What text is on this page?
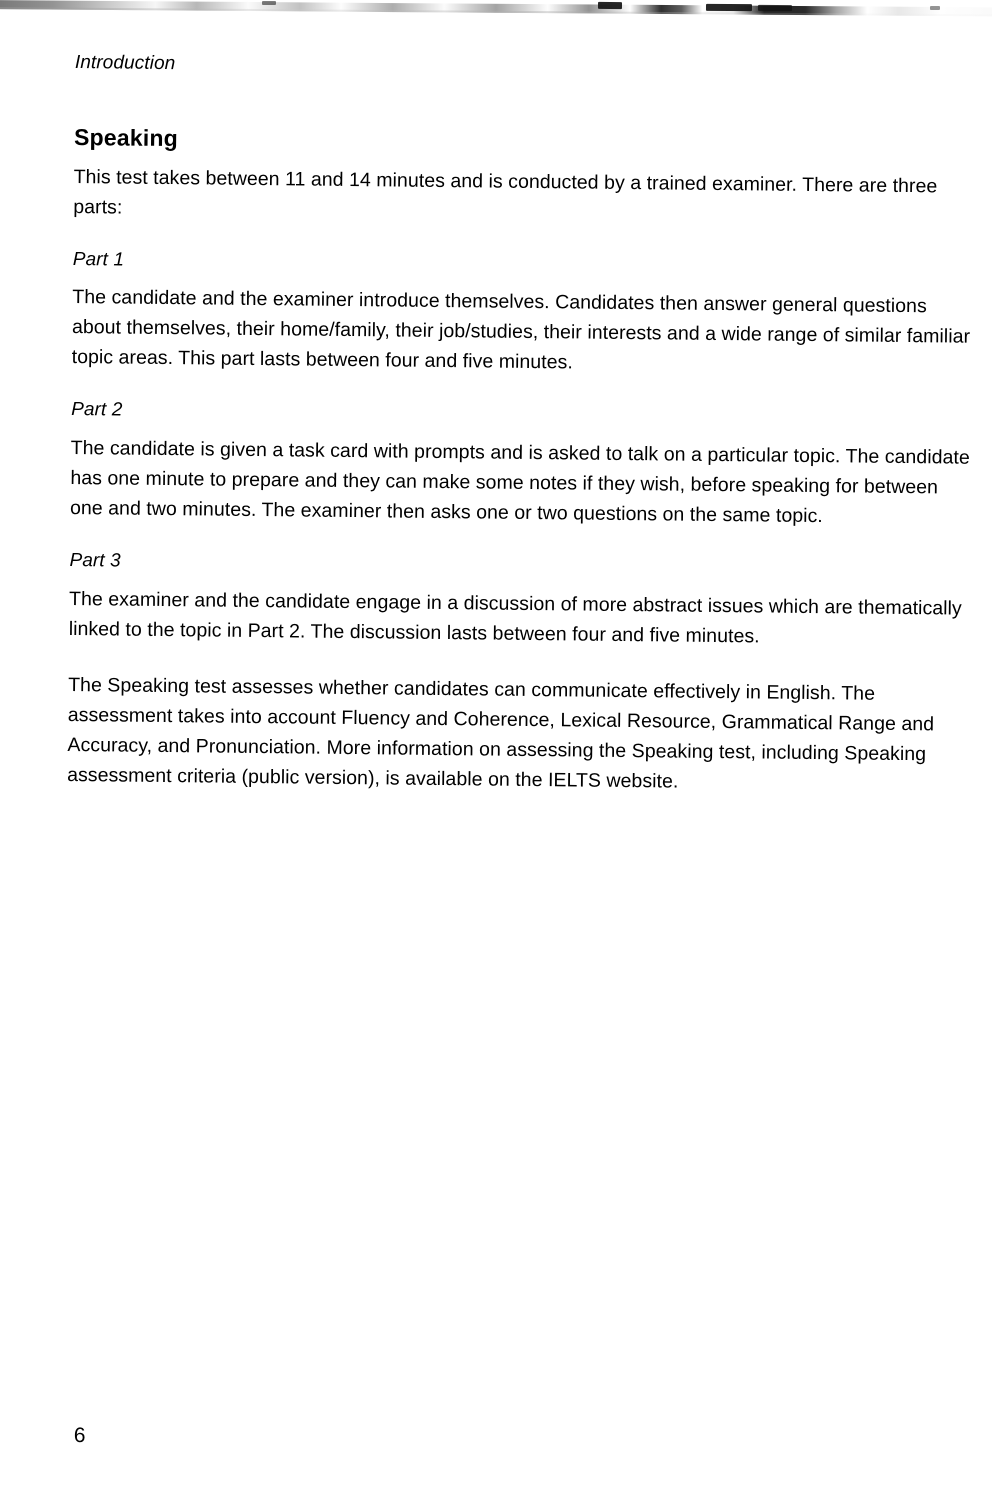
Introduction
Speaking

This test takes between 11 and 14 minutes and is conducted by a trained examiner. There are three parts:

Part 1

The candidate and the examiner introduce themselves. Candidates then answer general questions about themselves, their home/family, their job/studies, their interests and a wide range of similar familiar topic areas. This part lasts between four and five minutes.

Part 2

The candidate is given a task card with prompts and is asked to talk on a particular topic. The candidate has one minute to prepare and they can make some notes if they wish, before speaking for between one and two minutes. The examiner then asks one or two questions on the same topic.

Part 3

The examiner and the candidate engage in a discussion of more abstract issues which are thematically linked to the topic in Part 2. The discussion lasts between four and five minutes.

The Speaking test assesses whether candidates can communicate effectively in English. The assessment takes into account Fluency and Coherence, Lexical Resource, Grammatical Range and Accuracy, and Pronunciation. More information on assessing the Speaking test, including Speaking assessment criteria (public version), is available on the IELTS website.

6
